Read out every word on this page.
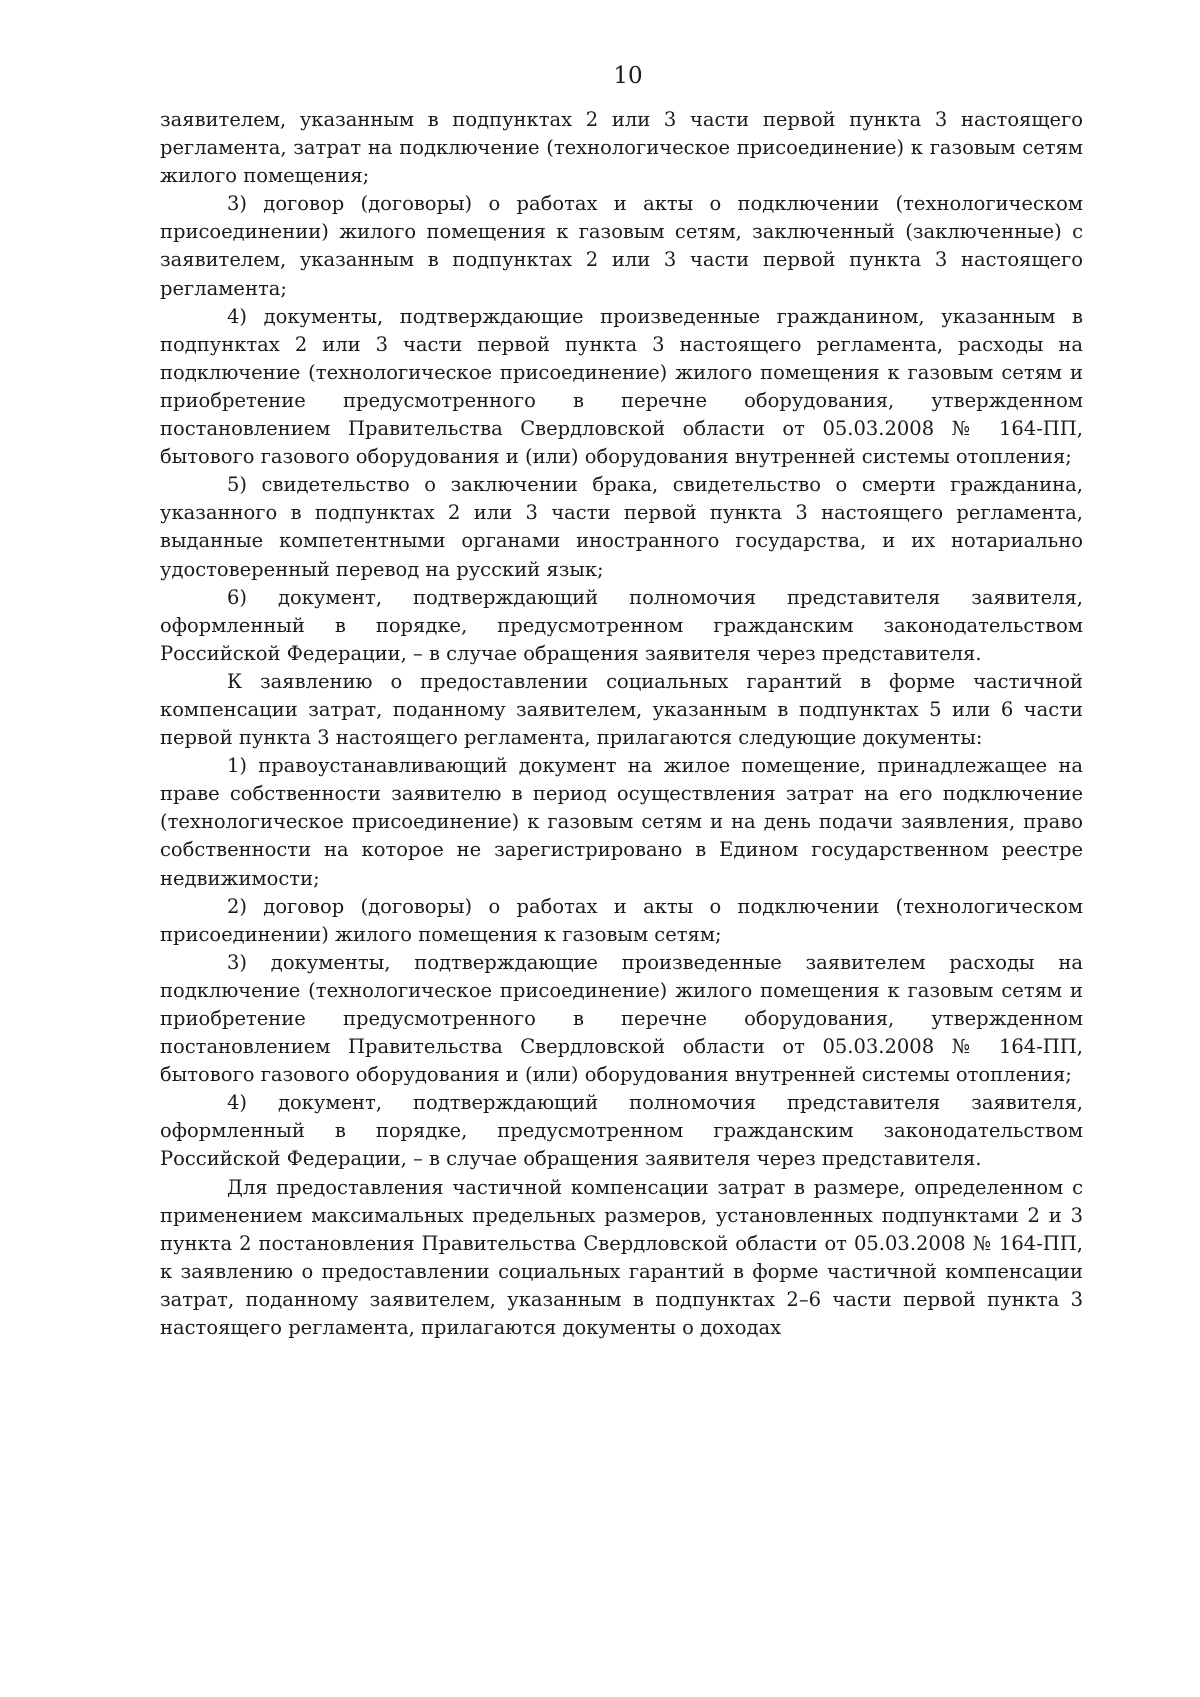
10

заявителем, указанным в подпунктах 2 или 3 части первой пункта 3 настоящего регламента, затрат на подключение (технологическое присоединение) к газовым сетям жилого помещения;

3) договор (договоры) о работах и акты о подключении (технологическом присоединении) жилого помещения к газовым сетям, заключенный (заключенные) с заявителем, указанным в подпунктах 2 или 3 части первой пункта 3 настоящего регламента;

4) документы, подтверждающие произведенные гражданином, указанным в подпунктах 2 или 3 части первой пункта 3 настоящего регламента, расходы на подключение (технологическое присоединение) жилого помещения к газовым сетям и приобретение предусмотренного в перечне оборудования, утвержденном постановлением Правительства Свердловской области от 05.03.2008 № 164-ПП, бытового газового оборудования и (или) оборудования внутренней системы отопления;

5) свидетельство о заключении брака, свидетельство о смерти гражданина, указанного в подпунктах 2 или 3 части первой пункта 3 настоящего регламента, выданные компетентными органами иностранного государства, и их нотариально удостоверенный перевод на русский язык;

6) документ, подтверждающий полномочия представителя заявителя, оформленный в порядке, предусмотренном гражданским законодательством Российской Федерации, – в случае обращения заявителя через представителя.

К заявлению о предоставлении социальных гарантий в форме частичной компенсации затрат, поданному заявителем, указанным в подпунктах 5 или 6 части первой пункта 3 настоящего регламента, прилагаются следующие документы:

1) правоустанавливающий документ на жилое помещение, принадлежащее на праве собственности заявителю в период осуществления затрат на его подключение (технологическое присоединение) к газовым сетям и на день подачи заявления, право собственности на которое не зарегистрировано в Едином государственном реестре недвижимости;

2) договор (договоры) о работах и акты о подключении (технологическом присоединении) жилого помещения к газовым сетям;

3) документы, подтверждающие произведенные заявителем расходы на подключение (технологическое присоединение) жилого помещения к газовым сетям и приобретение предусмотренного в перечне оборудования, утвержденном постановлением Правительства Свердловской области от 05.03.2008 № 164-ПП, бытового газового оборудования и (или) оборудования внутренней системы отопления;

4) документ, подтверждающий полномочия представителя заявителя, оформленный в порядке, предусмотренном гражданским законодательством Российской Федерации, – в случае обращения заявителя через представителя.

Для предоставления частичной компенсации затрат в размере, определенном с применением максимальных предельных размеров, установленных подпунктами 2 и 3 пункта 2 постановления Правительства Свердловской области от 05.03.2008 № 164-ПП, к заявлению о предоставлении социальных гарантий в форме частичной компенсации затрат, поданному заявителем, указанным в подпунктах 2–6 части первой пункта 3 настоящего регламента, прилагаются документы о доходах
